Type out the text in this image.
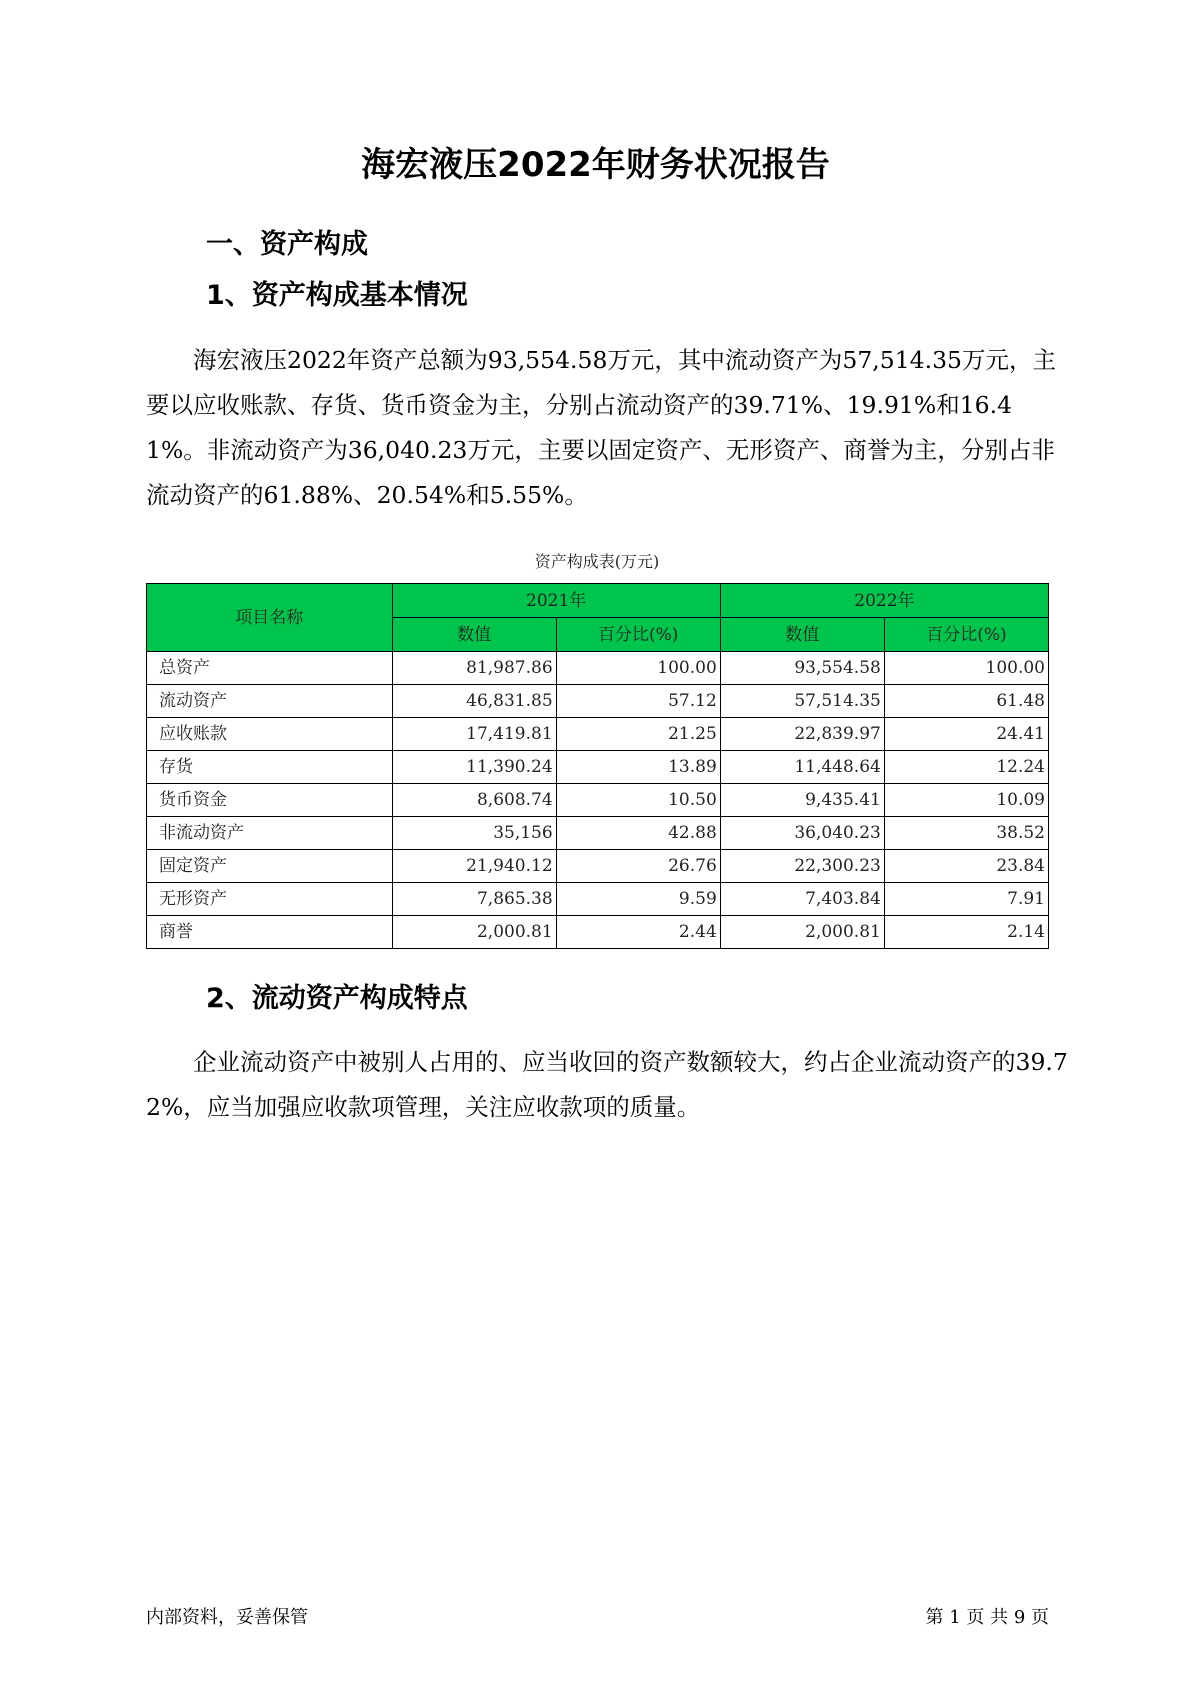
海宏液压2022年财务状况报告
一、资产构成
1、资产构成基本情况

海宏液压2022年资产总额为93,554.58万元，其中流动资产为57,514.35万元，主要以应收账款、存货、货币资金为主，分别占流动资产的39.71%、19.91%和16.41%。非流动资产为36,040.23万元，主要以固定资产、无形资产、商誉为主，分别占非流动资产的61.88%、20.54%和5.55%。

资产构成表(万元)
项目名称	2021年		2022年	
	数值	百分比(%)	数值	百分比(%)
总资产	81,987.86	100.00	93,554.58	100.00
流动资产	46,831.85	57.12	57,514.35	61.48
应收账款	17,419.81	21.25	22,839.97	24.41
存货	11,390.24	13.89	11,448.64	12.24
货币资金	8,608.74	10.50	9,435.41	10.09
非流动资产	35,156	42.88	36,040.23	38.52
固定资产	21,940.12	26.76	22,300.23	23.84
无形资产	7,865.38	9.59	7,403.84	7.91
商誉	2,000.81	2.44	2,000.81	2.14
2、流动资产构成特点

企业流动资产中被别人占用的、应当收回的资产数额较大，约占企业流动资产的39.72%，应当加强应收款项管理，关注应收款项的质量。

内部资料，妥善保管	第 1 页 共 9 页
